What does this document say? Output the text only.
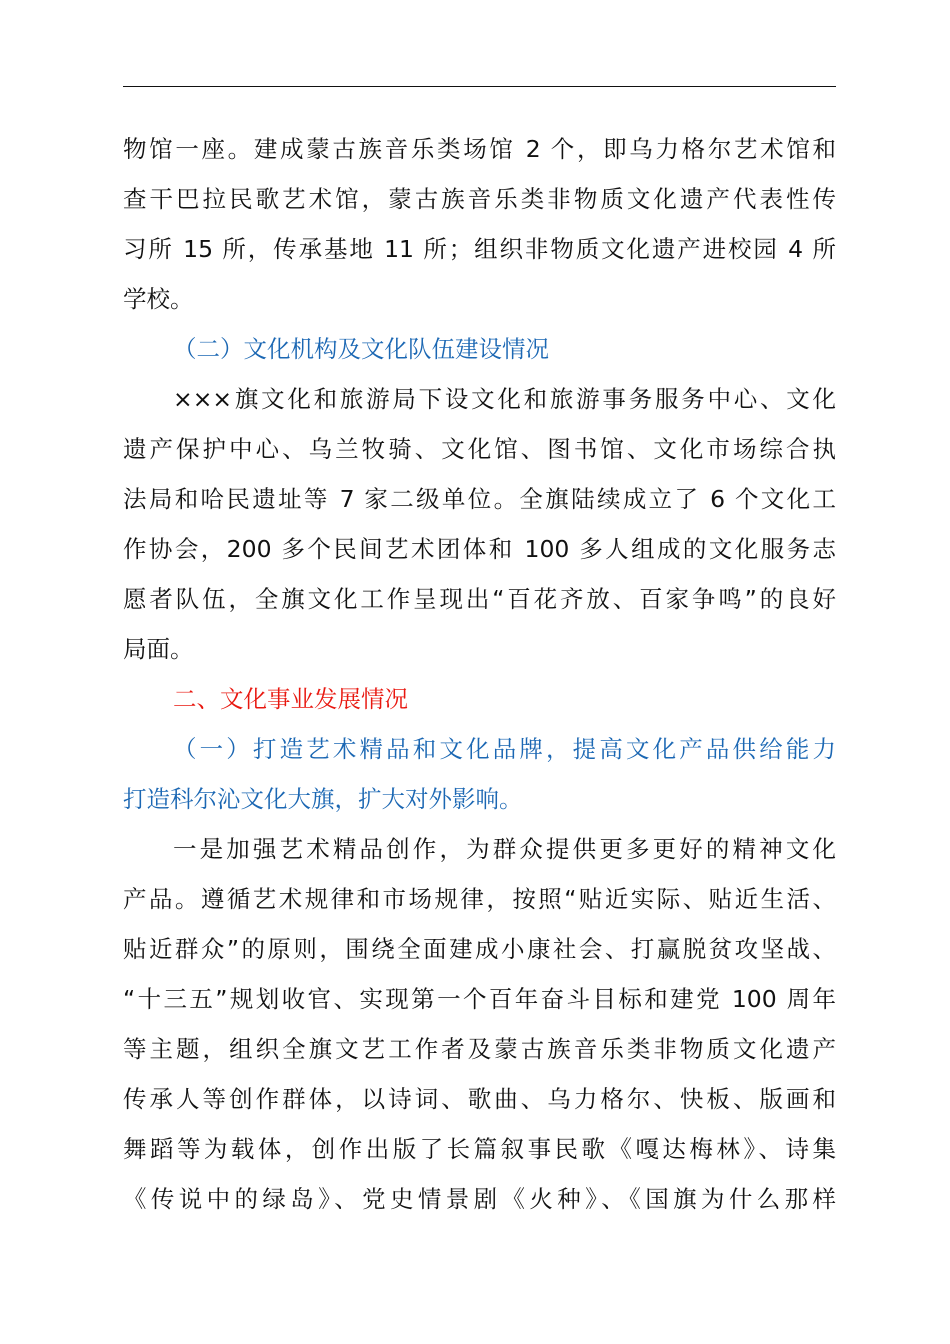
物馆一座。建成蒙古族音乐类场馆 2 个，即乌力格尔艺术馆和
查干巴拉民歌艺术馆，蒙古族音乐类非物质文化遗产代表性传
习所 15 所，传承基地 11 所；组织非物质文化遗产进校园 4 所
学校。
（二）文化机构及文化队伍建设情况
×××旗文化和旅游局下设文化和旅游事务服务中心、文化
遗产保护中心、乌兰牧骑、文化馆、图书馆、文化市场综合执
法局和哈民遗址等 7 家二级单位。全旗陆续成立了 6 个文化工
作协会，200 多个民间艺术团体和 100 多人组成的文化服务志
愿者队伍，全旗文化工作呈现出“百花齐放、百家争鸣”的良好
局面。
二、文化事业发展情况
（一）打造艺术精品和文化品牌，提高文化产品供给能力
打造科尔沁文化大旗，扩大对外影响。
一是加强艺术精品创作，为群众提供更多更好的精神文化
产品。遵循艺术规律和市场规律，按照“贴近实际、贴近生活、
贴近群众”的原则，围绕全面建成小康社会、打赢脱贫攻坚战、
“十三五”规划收官、实现第一个百年奋斗目标和建党 100 周年
等主题，组织全旗文艺工作者及蒙古族音乐类非物质文化遗产
传承人等创作群体，以诗词、歌曲、乌力格尔、快板、版画和
舞蹈等为载体，创作出版了长篇叙事民歌《嘎达梅林》、诗集
《传说中的绿岛》、党史情景剧《火种》、《国旗为什么那样
